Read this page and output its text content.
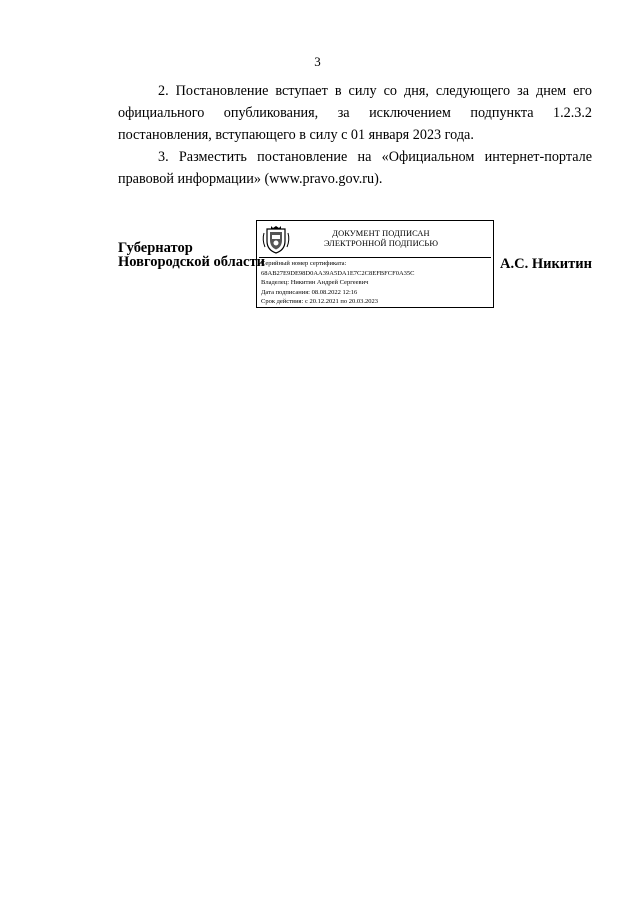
3

2. Постановление вступает в силу со дня, следующего за днем его официального опубликования, за исключением подпункта 1.2.3.2 постановления, вступающего в силу с 01 января 2023 года.

3. Разместить постановление на «Официальном интернет-портале правовой информации» (www.pravo.gov.ru).

Губернатор
Новгородской области
ДОКУМЕНТ ПОДПИСАН
ЭЛЕКТРОННОЙ ПОДПИСЬЮ
Серийный номер сертификата:
68AB27E9DE98D0AA39A5DA1E7C2C8EFBFCF0A35C
Владелец: Никитин Андрей Сергеевич
Дата подписания: 08.08.2022 12:16
Срок действия: с 20.12.2021 по 20.03.2023
А.С. Никитин
